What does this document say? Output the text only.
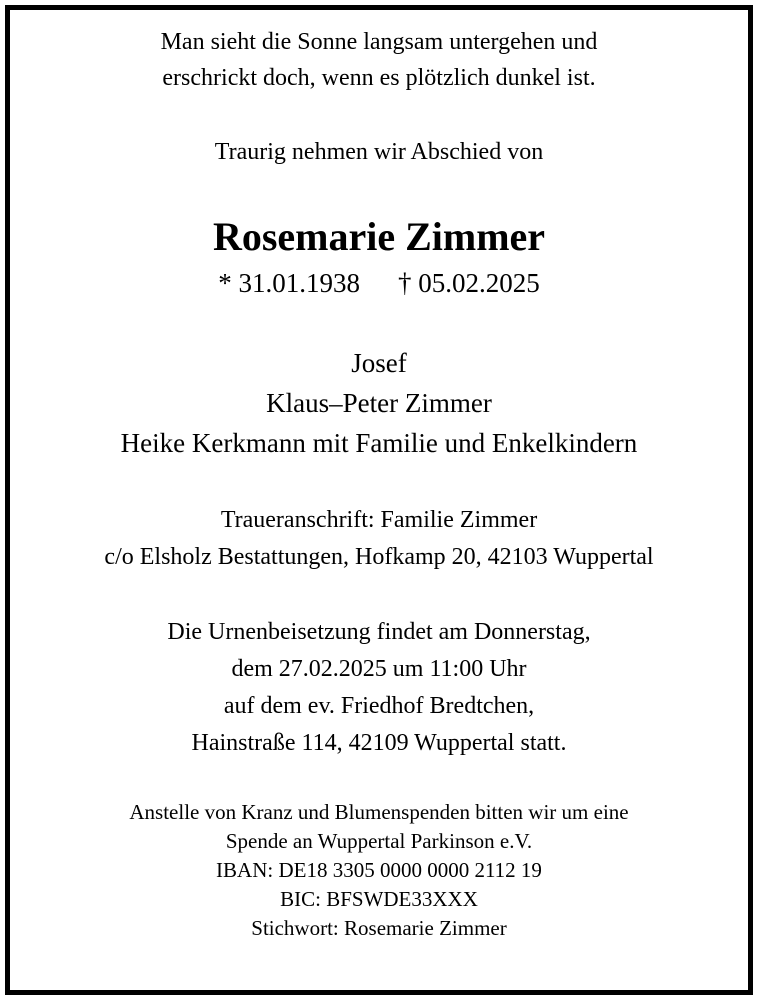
Man sieht die Sonne langsam untergehen und
erschrickt doch, wenn es plötzlich dunkel ist.
Traurig nehmen wir Abschied von
Rosemarie Zimmer
* 31.01.1938 † 05.02.2025
Josef
Klaus–Peter Zimmer
Heike Kerkmann mit Familie und Enkelkindern
Traueranschrift: Familie Zimmer
c/o Elsholz Bestattungen, Hofkamp 20, 42103 Wuppertal
Die Urnenbeisetzung findet am Donnerstag,
dem 27.02.2025 um 11:00 Uhr
auf dem ev. Friedhof Bredtchen,
Hainstraße 114, 42109 Wuppertal statt.
Anstelle von Kranz und Blumenspenden bitten wir um eine
Spende an Wuppertal Parkinson e.V.
IBAN: DE18 3305 0000 0000 2112 19
BIC: BFSWDE33XXX
Stichwort: Rosemarie Zimmer
